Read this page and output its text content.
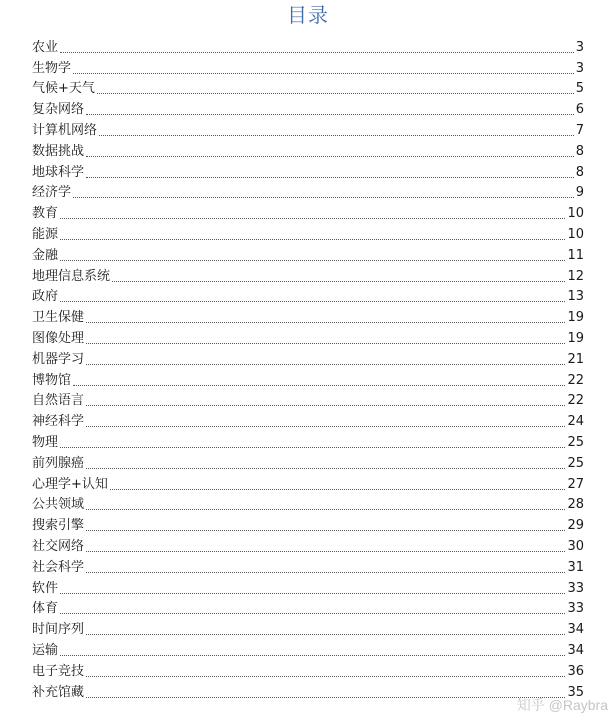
目录
农业	3
生物学	3
气候+天气	5
复杂网络	6
计算机网络	7
数据挑战	8
地球科学	8
经济学	9
教育	10
能源	10
金融	11
地理信息系统	12
政府	13
卫生保健	19
图像处理	19
机器学习	21
博物馆	22
自然语言	22
神经科学	24
物理	25
前列腺癌	25
心理学+认知	27
公共领域	28
搜索引擎	29
社交网络	30
社会科学	31
软件	33
体育	33
时间序列	34
运输	34
电子竞技	36
补充馆藏	35
知乎 @Raybra
